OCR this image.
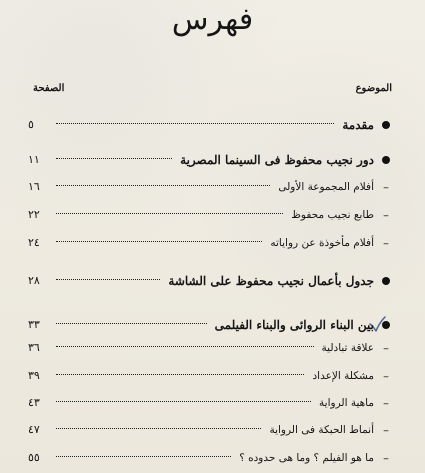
فهرس
الموضوع
الصفحة
مقدمة
٥
دور نجيب محفوظ فى السينما المصرية
١١
–
أفلام المجموعة الأولى
١٦
–
طابع نجيب محفوظ
٢٢
–
أفلام مأخوذة عن رواياته
٢٤
جدول بأعمال نجيب محفوظ على الشاشة
٢٨
بين البناء الروائى والبناء الفيلمى
٣٣
–
علاقة تبادلية
٣٦
–
مشكلة الإعداد
٣٩
–
ماهية الرواية
٤٣
–
أنماط الحبكة فى الرواية
٤٧
–
ما هو الفيلم ؟ وما هى حدوده ؟
٥٥
